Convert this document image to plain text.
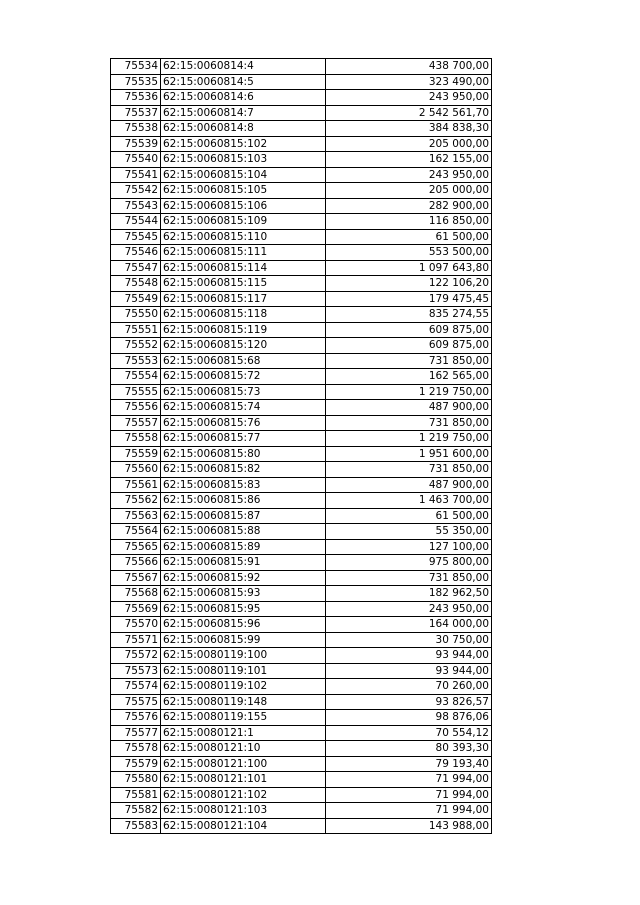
75534	62:15:0060814:4	438 700,00
75535	62:15:0060814:5	323 490,00
75536	62:15:0060814:6	243 950,00
75537	62:15:0060814:7	2 542 561,70
75538	62:15:0060814:8	384 838,30
75539	62:15:0060815:102	205 000,00
75540	62:15:0060815:103	162 155,00
75541	62:15:0060815:104	243 950,00
75542	62:15:0060815:105	205 000,00
75543	62:15:0060815:106	282 900,00
75544	62:15:0060815:109	116 850,00
75545	62:15:0060815:110	61 500,00
75546	62:15:0060815:111	553 500,00
75547	62:15:0060815:114	1 097 643,80
75548	62:15:0060815:115	122 106,20
75549	62:15:0060815:117	179 475,45
75550	62:15:0060815:118	835 274,55
75551	62:15:0060815:119	609 875,00
75552	62:15:0060815:120	609 875,00
75553	62:15:0060815:68	731 850,00
75554	62:15:0060815:72	162 565,00
75555	62:15:0060815:73	1 219 750,00
75556	62:15:0060815:74	487 900,00
75557	62:15:0060815:76	731 850,00
75558	62:15:0060815:77	1 219 750,00
75559	62:15:0060815:80	1 951 600,00
75560	62:15:0060815:82	731 850,00
75561	62:15:0060815:83	487 900,00
75562	62:15:0060815:86	1 463 700,00
75563	62:15:0060815:87	61 500,00
75564	62:15:0060815:88	55 350,00
75565	62:15:0060815:89	127 100,00
75566	62:15:0060815:91	975 800,00
75567	62:15:0060815:92	731 850,00
75568	62:15:0060815:93	182 962,50
75569	62:15:0060815:95	243 950,00
75570	62:15:0060815:96	164 000,00
75571	62:15:0060815:99	30 750,00
75572	62:15:0080119:100	93 944,00
75573	62:15:0080119:101	93 944,00
75574	62:15:0080119:102	70 260,00
75575	62:15:0080119:148	93 826,57
75576	62:15:0080119:155	98 876,06
75577	62:15:0080121:1	70 554,12
75578	62:15:0080121:10	80 393,30
75579	62:15:0080121:100	79 193,40
75580	62:15:0080121:101	71 994,00
75581	62:15:0080121:102	71 994,00
75582	62:15:0080121:103	71 994,00
75583	62:15:0080121:104	143 988,00
